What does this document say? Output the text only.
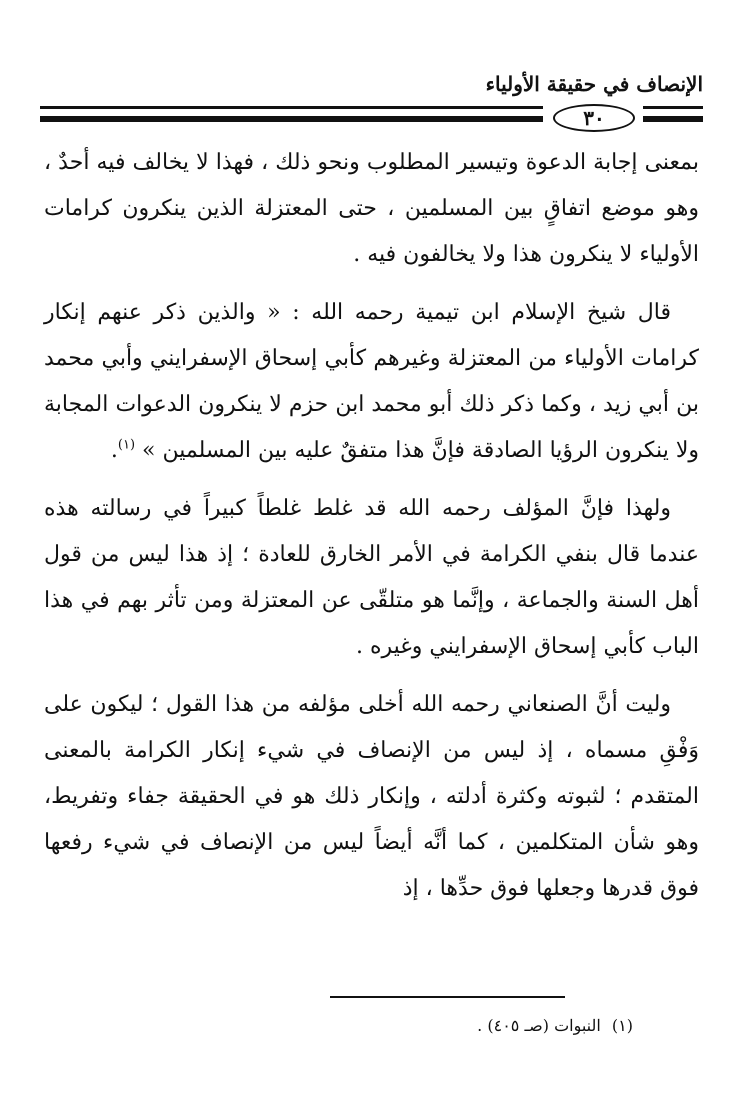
الإنصاف في حقيقة الأولياء
٣٠

بمعنى إجابة الدعوة وتيسير المطلوب ونحو ذلك ، فهذا لا يخالف فيه أحدٌ ، وهو موضع اتفاقٍ بين المسلمين ، حتى المعتزلة الذين ينكرون كرامات الأولياء لا ينكرون هذا ولا يخالفون فيه .

قال شيخ الإسلام ابن تيمية رحمه الله : « والذين ذكر عنهم إنكار كرامات الأولياء من المعتزلة وغيرهم كأبي إسحاق الإسفرايني وأبي محمد بن أبي زيد ، وكما ذكر ذلك أبو محمد ابن حزم لا ينكرون الدعوات المجابة ولا ينكرون الرؤيا الصادقة فإنَّ هذا متفقٌ عليه بين المسلمين » $^{(١)}$.

ولهذا فإنَّ المؤلف رحمه الله قد غلط غلطاً كبيراً في رسالته هذه عندما قال بنفي الكرامة في الأمر الخارق للعادة ؛ إذ هذا ليس من قول أهل السنة والجماعة ، وإنَّما هو متلقّى عن المعتزلة ومن تأثر بهم في هذا الباب كأبي إسحاق الإسفرايني وغيره .

وليت أنَّ الصنعاني رحمه الله أخلى مؤلفه من هذا القول ؛ ليكون على وَفْقِ مسماه ، إذ ليس من الإنصاف في شيء إنكار الكرامة بالمعنى المتقدم ؛ لثبوته وكثرة أدلته ، وإنكار ذلك هو في الحقيقة جفاء وتفريط، وهو شأن المتكلمين ، كما أنَّه أيضاً ليس من الإنصاف في شيء رفعها فوق قدرها وجعلها فوق حدِّها ، إذ

(١) النبوات (صـ ٤٠٥) .
